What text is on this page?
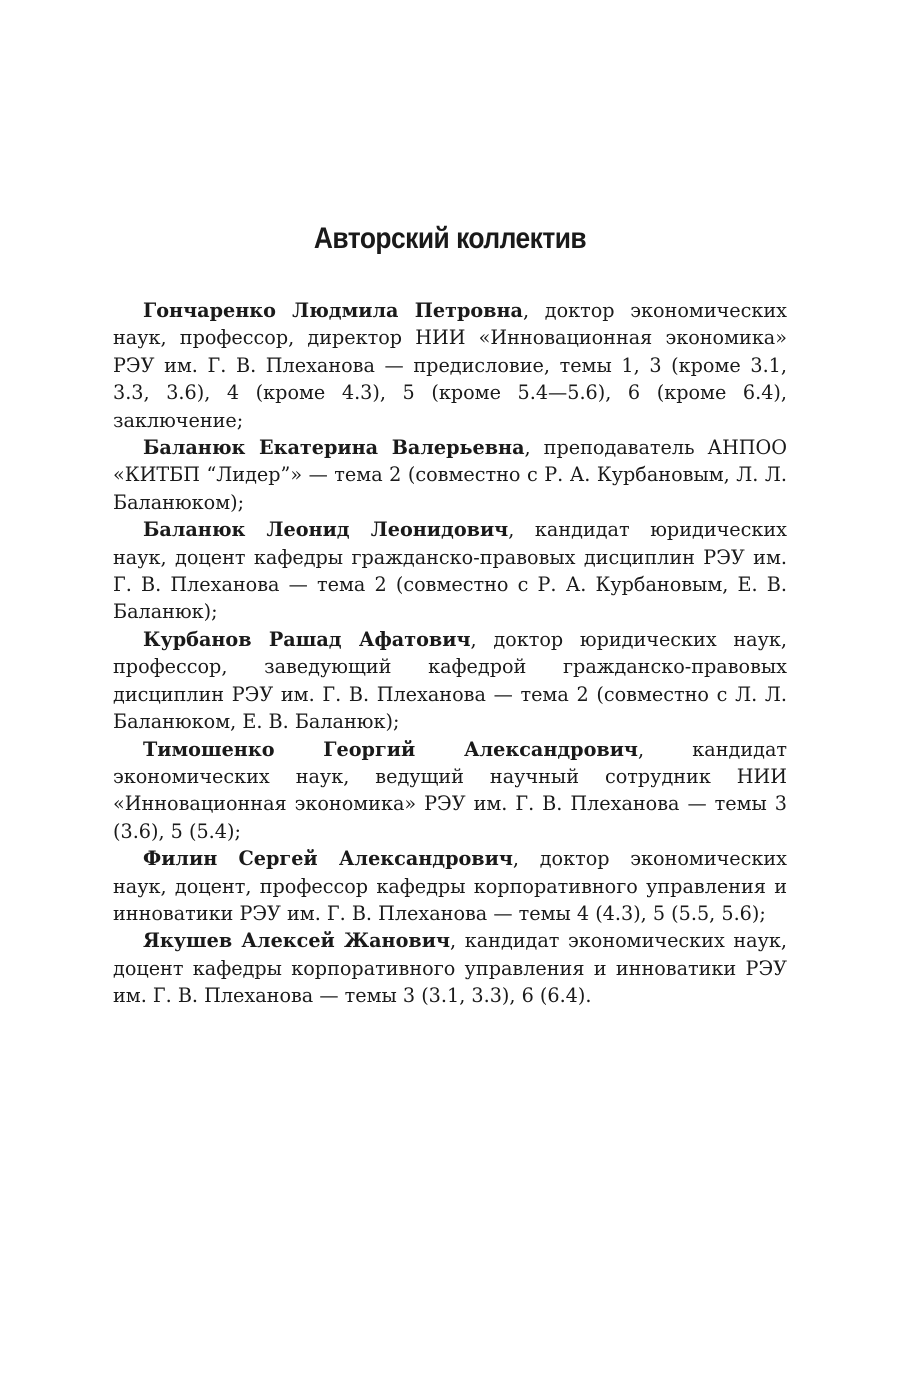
Авторский коллектив

Гончаренко Людмила Петровна, доктор экономических наук, профессор, директор НИИ «Инновационная экономика» РЭУ им. Г. В. Плеханова — предисловие, темы 1, 3 (кроме 3.1, 3.3, 3.6), 4 (кроме 4.3), 5 (кроме 5.4—5.6), 6 (кроме 6.4), заключение;

Баланюк Екатерина Валерьевна, преподаватель АНПОО «КИТБП “Лидер”» — тема 2 (совместно с Р. А. Курбановым, Л. Л. Баланюком);

Баланюк Леонид Леонидович, кандидат юридических наук, доцент кафедры гражданско-правовых дисциплин РЭУ им. Г. В. Плеханова — тема 2 (совместно с Р. А. Курбановым, Е. В. Баланюк);

Курбанов Рашад Афатович, доктор юридических наук, профессор, заведующий кафедрой гражданско-правовых дисциплин РЭУ им. Г. В. Плеханова — тема 2 (совместно с Л. Л. Баланюком, Е. В. Баланюк);

Тимошенко Георгий Александрович, кандидат экономических наук, ведущий научный сотрудник НИИ «Инновационная экономика» РЭУ им. Г. В. Плеханова — темы 3 (3.6), 5 (5.4);

Филин Сергей Александрович, доктор экономических наук, доцент, профессор кафедры корпоративного управления и инноватики РЭУ им. Г. В. Плеханова — темы 4 (4.3), 5 (5.5, 5.6);

Якушев Алексей Жанович, кандидат экономических наук, доцент кафедры корпоративного управления и инноватики РЭУ им. Г. В. Плеханова — темы 3 (3.1, 3.3), 6 (6.4).
